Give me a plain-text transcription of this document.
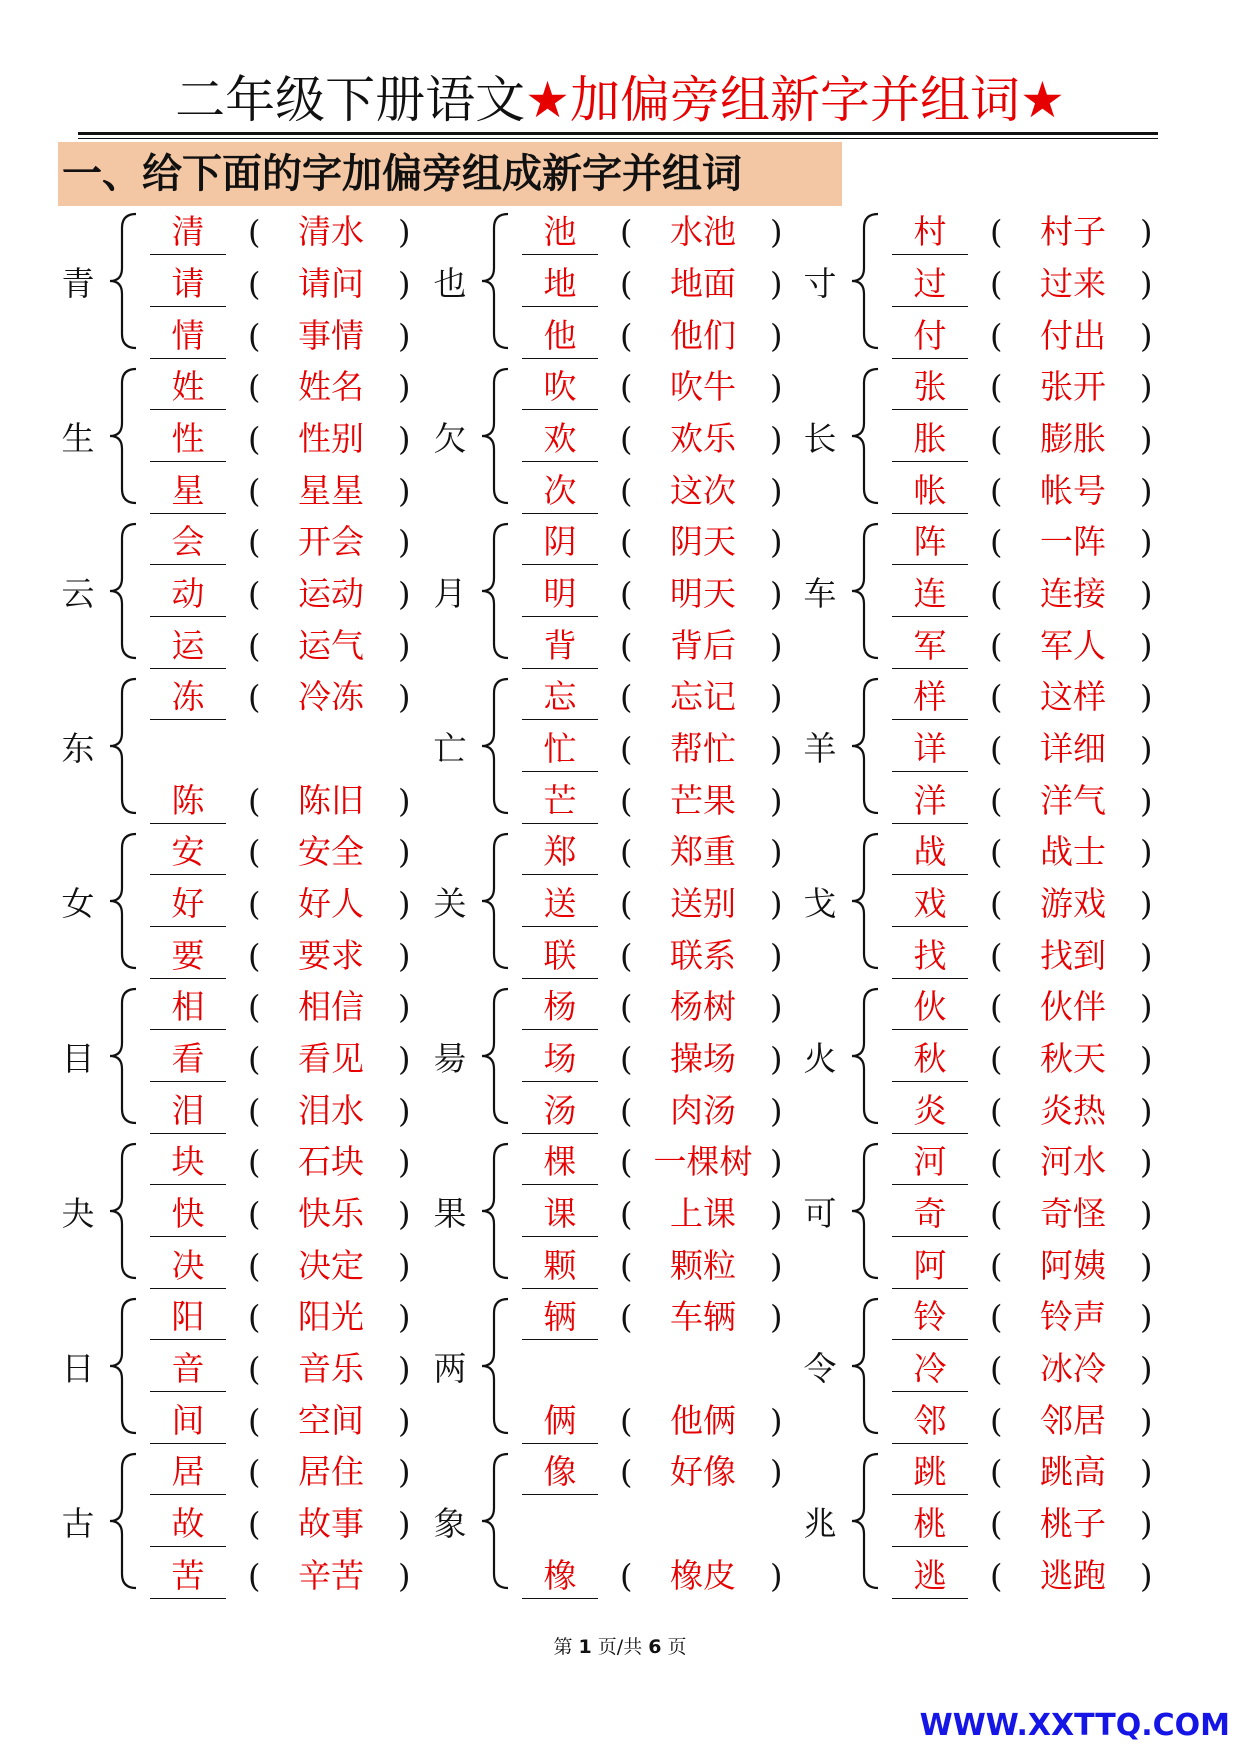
二年级下册语文★加偏旁组新字并组词★
一、给下面的字加偏旁组成新字并组词
青
清	(	清水	)
请	(	请问	)
情	(	事情	)
生
姓	(	姓名	)
性	(	性别	)
星	(	星星	)
云
会	(	开会	)
动	(	运动	)
运	(	运气	)
东
冻	(	冷冻	)
陈	(	陈旧	)
女
安	(	安全	)
好	(	好人	)
要	(	要求	)
目
相	(	相信	)
看	(	看见	)
泪	(	泪水	)
夬
块	(	石块	)
快	(	快乐	)
决	(	决定	)
日
阳	(	阳光	)
音	(	音乐	)
间	(	空间	)
古
居	(	居住	)
故	(	故事	)
苦	(	辛苦	)
也
池	(	水池	)
地	(	地面	)
他	(	他们	)
欠
吹	(	吹牛	)
欢	(	欢乐	)
次	(	这次	)
月
阴	(	阴天	)
明	(	明天	)
背	(	背后	)
亡
忘	(	忘记	)
忙	(	帮忙	)
芒	(	芒果	)
关
郑	(	郑重	)
送	(	送别	)
联	(	联系	)
昜
杨	(	杨树	)
场	(	操场	)
汤	(	肉汤	)
果
棵	( 一棵树 )
课	(	上课	)
颗	(	颗粒	)
两
辆	(	车辆	)
俩	(	他俩	)
象
像	(	好像	)
橡	(	橡皮	)
寸
村	(	村子	)
过	(	过来	)
付	(	付出	)
长
张	(	张开	)
胀	(	膨胀	)
帐	(	帐号	)
车
阵	(	一阵	)
连	(	连接	)
军	(	军人	)
羊
样	(	这样	)
详	(	详细	)
洋	(	洋气	)
戈
战	(	战士	)
戏	(	游戏	)
找	(	找到	)
火
伙	(	伙伴	)
秋	(	秋天	)
炎	(	炎热	)
可
河	(	河水	)
奇	(	奇怪	)
阿	(	阿姨	)
令
铃	(	铃声	)
冷	(	冰冷	)
邻	(	邻居	)
兆
跳	(	跳高	)
桃	(	桃子	)
逃	(	逃跑	)
第 1 页/共 6 页
WWW.XXTTQ.COM
